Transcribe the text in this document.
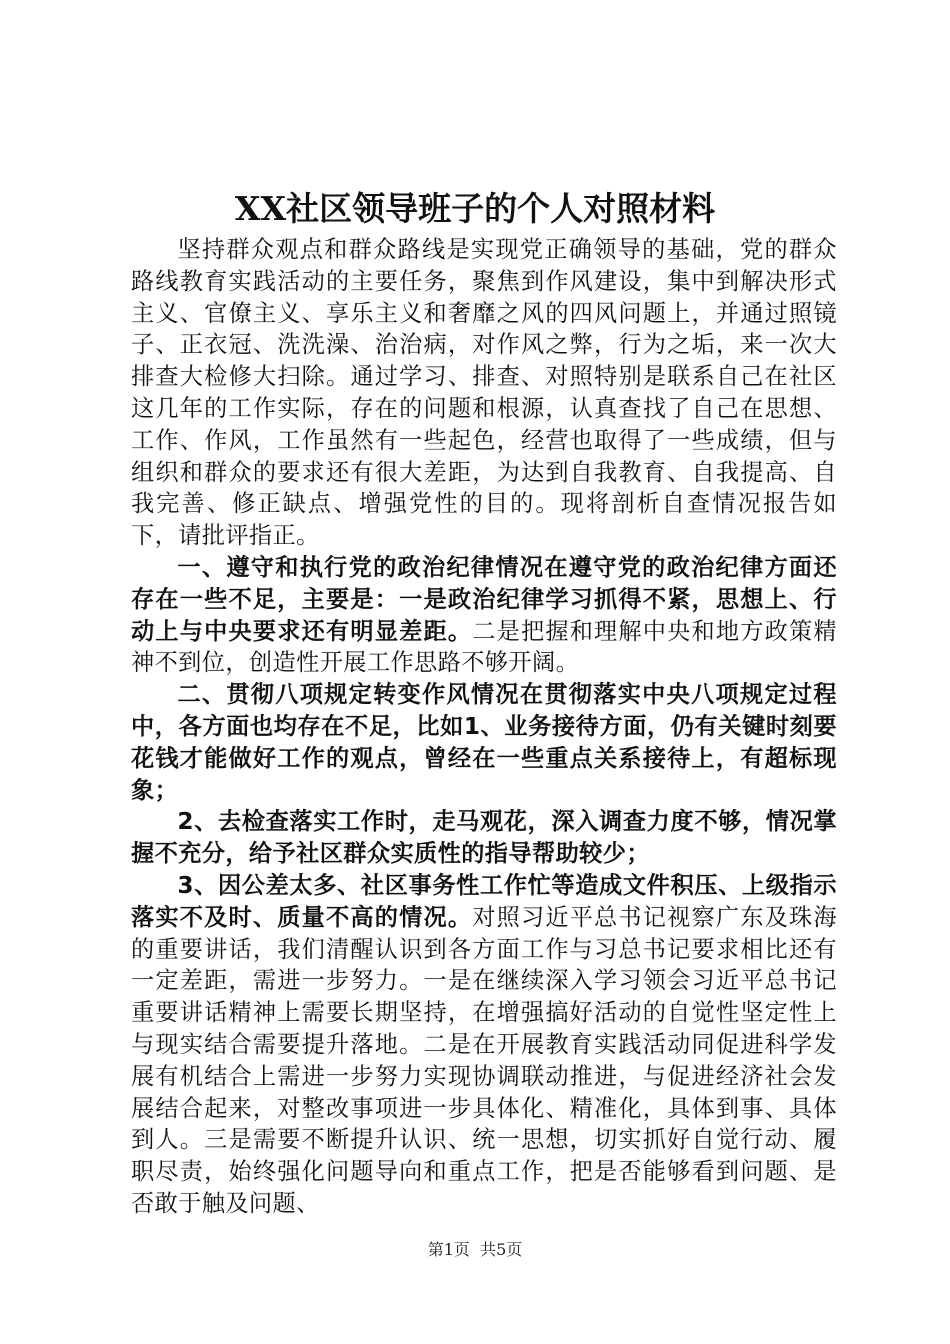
XX社区领导班子的个人对照材料

坚持群众观点和群众路线是实现党正确领导的基础，党的群众路线教育实践活动的主要任务，聚焦到作风建设，集中到解决形式主义、官僚主义、享乐主义和奢靡之风的四风问题上，并通过照镜子、正衣冠、洗洗澡、治治病，对作风之弊，行为之垢，来一次大排查大检修大扫除。通过学习、排查、对照特别是联系自己在社区这几年的工作实际，存在的问题和根源，认真查找了自己在思想、工作、作风，工作虽然有一些起色，经营也取得了一些成绩，但与组织和群众的要求还有很大差距，为达到自我教育、自我提高、自我完善、修正缺点、增强党性的目的。现将剖析自查情况报告如下，请批评指正。

一、遵守和执行党的政治纪律情况在遵守党的政治纪律方面还存在一些不足，主要是：一是政治纪律学习抓得不紧，思想上、行动上与中央要求还有明显差距。二是把握和理解中央和地方政策精神不到位，创造性开展工作思路不够开阔。

二、贯彻八项规定转变作风情况在贯彻落实中央八项规定过程中，各方面也均存在不足，比如1、业务接待方面，仍有关键时刻要花钱才能做好工作的观点，曾经在一些重点关系接待上，有超标现象；

2、去检查落实工作时，走马观花，深入调查力度不够，情况掌握不充分，给予社区群众实质性的指导帮助较少；

3、因公差太多、社区事务性工作忙等造成文件积压、上级指示落实不及时、质量不高的情况。对照习近平总书记视察广东及珠海的重要讲话，我们清醒认识到各方面工作与习总书记要求相比还有一定差距，需进一步努力。一是在继续深入学习领会习近平总书记重要讲话精神上需要长期坚持，在增强搞好活动的自觉性坚定性上与现实结合需要提升落地。二是在开展教育实践活动同促进科学发展有机结合上需进一步努力实现协调联动推进，与促进经济社会发展结合起来，对整改事项进一步具体化、精准化，具体到事、具体到人。三是需要不断提升认识、统一思想，切实抓好自觉行动、履职尽责，始终强化问题导向和重点工作，把是否能够看到问题、是否敢于触及问题、

第1页  共5页
